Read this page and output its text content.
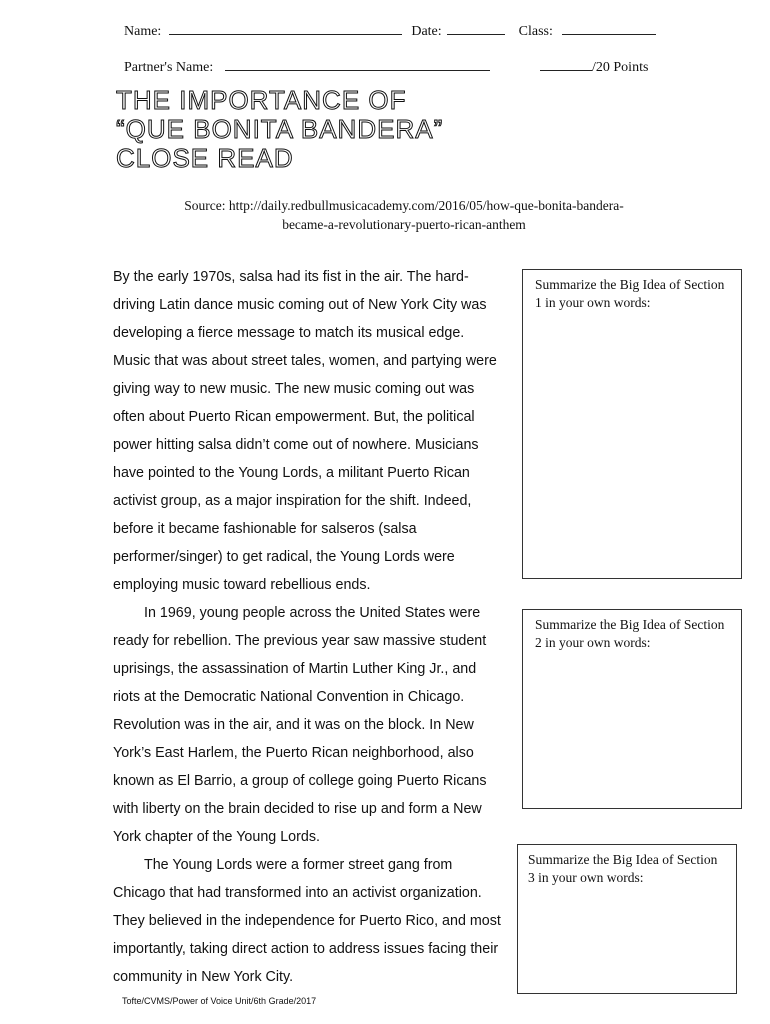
Name:	Date:	Class:
Partner's Name:	/20 Points
THE IMPORTANCE OF
“QUE BONITA BANDERA”
CLOSE READ
Source: http://daily.redbullmusicacademy.com/2016/05/how-que-bonita-bandera-
became-a-revolutionary-puerto-rican-anthem

By the early 1970s, salsa had its fist in the air. The hard-driving Latin dance music coming out of New York City was developing a fierce message to match its musical edge. Music that was about street tales, women, and partying were giving way to new music. The new music coming out was often about Puerto Rican empowerment. But, the political power hitting salsa didn’t come out of nowhere. Musicians have pointed to the Young Lords, a militant Puerto Rican activist group, as a major inspiration for the shift. Indeed, before it became fashionable for salseros (salsa performer/singer) to get radical, the Young Lords were employing music toward rebellious ends.

In 1969, young people across the United States were ready for rebellion. The previous year saw massive student uprisings, the assassination of Martin Luther King Jr., and riots at the Democratic National Convention in Chicago. Revolution was in the air, and it was on the block. In New York’s East Harlem, the Puerto Rican neighborhood, also known as El Barrio, a group of college going Puerto Ricans with liberty on the brain decided to rise up and form a New York chapter of the Young Lords.

The Young Lords were a former street gang from Chicago that had transformed into an activist organization. They believed in the independence for Puerto Rico, and most importantly, taking direct action to address issues facing their community in New York City.

Summarize the Big Idea of Section 1 in your own words:
Summarize the Big Idea of Section 2 in your own words:
Summarize the Big Idea of Section 3 in your own words:
Tofte/CVMS/Power of Voice Unit/6th Grade/2017
